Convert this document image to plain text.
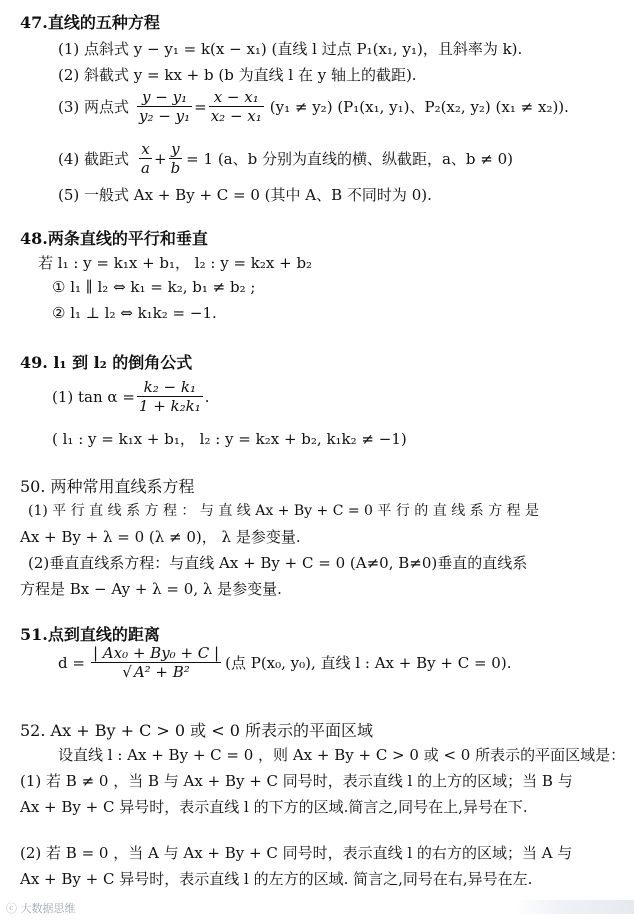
47.直线的五种方程
(1) 点斜式 y − y₁ = k(x − x₁) (直线 l 过点 P₁(x₁, y₁)，且斜率为 k).
(2) 斜截式 y = kx + b (b 为直线 l 在 y 轴上的截距).
(3) 两点式 $\frac{\text{y − y₁}}{\text{y₂ − y₁}} = \frac{\text{x − x₁}}{\text{x₂ − x₁}} (y_1 \ne y_2)$ (P₁(x₁, y₁)、P₂(x₂, y₂) (x₁ ≠ x₂)).
(4) 截距式 $\frac{x}{a} + \frac{y}{b} = 1$ (a、b 分别为直线的横、纵截距，a、b ≠ 0)
(5) 一般式 Ax + By + C = 0 (其中 A、B 不同时为 0).
48.两条直线的平行和垂直
若 l₁ : y = k₁x + b₁， l₂ : y = k₂x + b₂
① l₁ ∥ l₂ ⇔ k₁ = k₂, b₁ ≠ b₂ ;
② l₁ ⊥ l₂ ⇔ k₁k₂ = −1.
49. l₁ 到 l₂ 的倒角公式
(1) $\tan \alpha = \frac{\text{k₂ − k₁}}{\text{1 + k₂k₁}}$ .
( l₁ : y = k₁x + b₁， l₂ : y = k₂x + b₂, k₁k₂ ≠ −1)
50. 两种常用直线系方程
(1) 平 行 直 线 系 方 程 ： 与 直 线 Ax + By + C = 0 平 行 的 直 线 系 方 程 是
Ax + By + λ = 0 (λ ≠ 0)， λ 是参变量.
(2)垂直直线系方程：与直线 Ax + By + C = 0 (A≠0, B≠0)垂直的直线系
方程是 Bx − Ay + λ = 0, λ 是参变量.
51.点到直线的距离
$d = \frac{\text{| Ax₀ + By₀ + C |}}{\text{√ A² + B²}}$ (点 P(x₀, y₀), 直线 l : Ax + By + C = 0).
52. Ax + By + C > 0 或 < 0 所表示的平面区域
设直线 l : Ax + By + C = 0 ，则 Ax + By + C > 0 或 < 0 所表示的平面区域是：
(1) 若 B ≠ 0 ，当 B 与 Ax + By + C 同号时，表示直线 l 的上方的区域；当 B 与
Ax + By + C 异号时，表示直线 l 的下方的区域.简言之,同号在上,异号在下.
(2) 若 B = 0 ，当 A 与 Ax + By + C 同号时，表示直线 l 的右方的区域；当 A 与
Ax + By + C 异号时，表示直线 l 的左方的区域. 简言之,同号在右,异号在左.
ⓒ 大数据思维
